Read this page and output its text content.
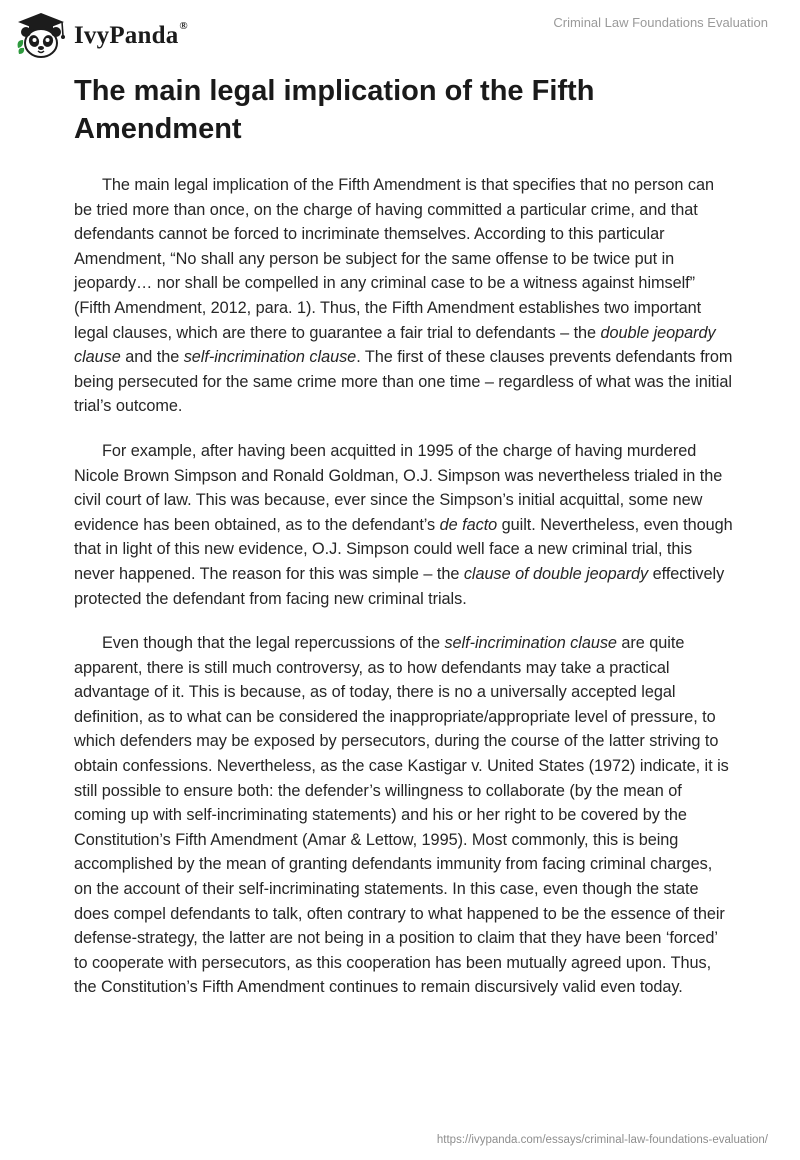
IvyPanda®	Criminal Law Foundations Evaluation
The main legal implication of the Fifth Amendment

The main legal implication of the Fifth Amendment is that specifies that no person can be tried more than once, on the charge of having committed a particular crime, and that defendants cannot be forced to incriminate themselves. According to this particular Amendment, “No shall any person be subject for the same offense to be twice put in jeopardy… nor shall be compelled in any criminal case to be a witness against himself” (Fifth Amendment, 2012, para. 1). Thus, the Fifth Amendment establishes two important legal clauses, which are there to guarantee a fair trial to defendants – the double jeopardy clause and the self-incrimination clause. The first of these clauses prevents defendants from being persecuted for the same crime more than one time – regardless of what was the initial trial’s outcome.

For example, after having been acquitted in 1995 of the charge of having murdered Nicole Brown Simpson and Ronald Goldman, O.J. Simpson was nevertheless trialed in the civil court of law. This was because, ever since the Simpson’s initial acquittal, some new evidence has been obtained, as to the defendant’s de facto guilt. Nevertheless, even though that in light of this new evidence, O.J. Simpson could well face a new criminal trial, this never happened. The reason for this was simple – the clause of double jeopardy effectively protected the defendant from facing new criminal trials.

Even though that the legal repercussions of the self-incrimination clause are quite apparent, there is still much controversy, as to how defendants may take a practical advantage of it. This is because, as of today, there is no a universally accepted legal definition, as to what can be considered the inappropriate/appropriate level of pressure, to which defenders may be exposed by persecutors, during the course of the latter striving to obtain confessions. Nevertheless, as the case Kastigar v. United States (1972) indicate, it is still possible to ensure both: the defender’s willingness to collaborate (by the mean of coming up with self-incriminating statements) and his or her right to be covered by the Constitution’s Fifth Amendment (Amar & Lettow, 1995). Most commonly, this is being accomplished by the mean of granting defendants immunity from facing criminal charges, on the account of their self-incriminating statements. In this case, even though the state does compel defendants to talk, often contrary to what happened to be the essence of their defense-strategy, the latter are not being in a position to claim that they have been ‘forced’ to cooperate with persecutors, as this cooperation has been mutually agreed upon. Thus, the Constitution’s Fifth Amendment continues to remain discursively valid even today.

https://ivypanda.com/essays/criminal-law-foundations-evaluation/
